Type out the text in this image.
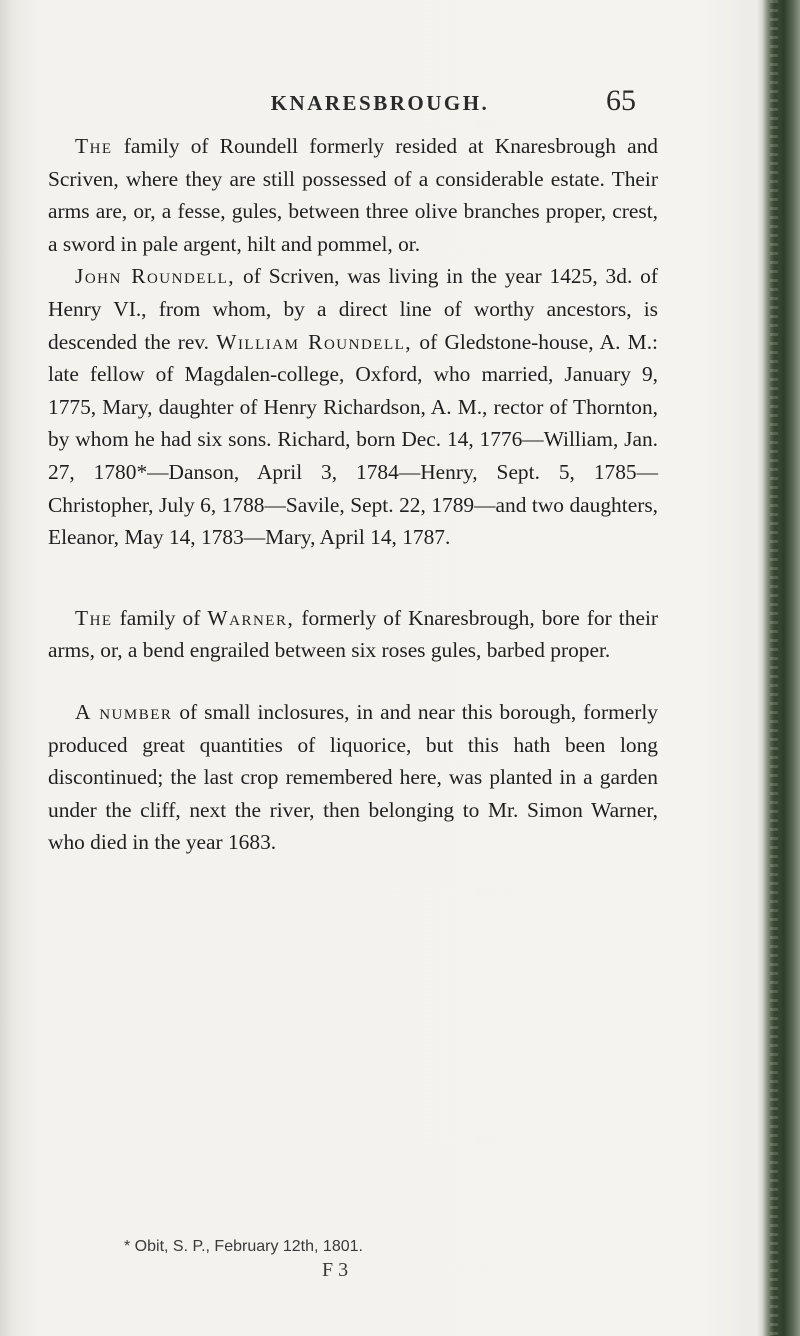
KNARESBROUGH.	65

The family of Roundell formerly resided at Knaresbrough and Scriven, where they are still possessed of a considerable estate. Their arms are, or, a fesse, gules, between three olive branches proper, crest, a sword in pale argent, hilt and pommel, or.

John Roundell, of Scriven, was living in the year 1425, 3d. of Henry VI., from whom, by a direct line of worthy ancestors, is descended the rev. William Roundell, of Gledstone-house, A. M.: late fellow of Magdalen-college, Oxford, who married, January 9, 1775, Mary, daughter of Henry Richardson, A. M., rector of Thornton, by whom he had six sons. Richard, born Dec. 14, 1776—William, Jan. 27, 1780*—Danson, April 3, 1784—Henry, Sept. 5, 1785—Christopher, July 6, 1788—Savile, Sept. 22, 1789—and two daughters, Eleanor, May 14, 1783—Mary, April 14, 1787.

The family of Warner, formerly of Knaresbrough, bore for their arms, or, a bend engrailed between six roses gules, barbed proper.

A number of small inclosures, in and near this borough, formerly produced great quantities of liquorice, but this hath been long discontinued; the last crop remembered here, was planted in a garden under the cliff, next the river, then belonging to Mr. Simon Warner, who died in the year 1683.

* Obit, S. P., February 12th, 1801.
F 3
